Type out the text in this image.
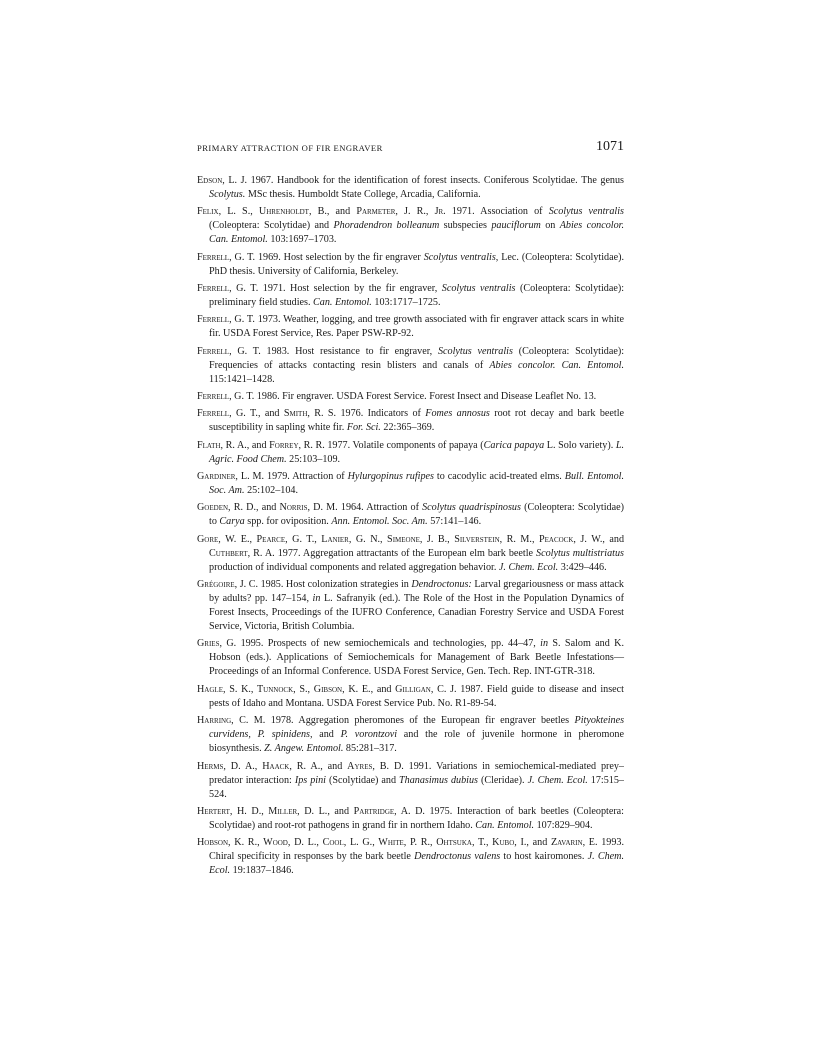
PRIMARY ATTRACTION OF FIR ENGRAVER	1071

Edson, L. J. 1967. Handbook for the identification of forest insects. Coniferous Scolytidae. The genus Scolytus. MSc thesis. Humboldt State College, Arcadia, California.

Felix, L. S., Uhrenholdt, B., and Parmeter, J. R., Jr. 1971. Association of Scolytus ventralis (Coleoptera: Scolytidae) and Phoradendron bolleanum subspecies pauciflorum on Abies concolor. Can. Entomol. 103:1697–1703.

Ferrell, G. T. 1969. Host selection by the fir engraver Scolytus ventralis, Lec. (Coleoptera: Scolytidae). PhD thesis. University of California, Berkeley.

Ferrell, G. T. 1971. Host selection by the fir engraver, Scolytus ventralis (Coleoptera: Scolytidae): preliminary field studies. Can. Entomol. 103:1717–1725.

Ferrell, G. T. 1973. Weather, logging, and tree growth associated with fir engraver attack scars in white fir. USDA Forest Service, Res. Paper PSW-RP-92.

Ferrell, G. T. 1983. Host resistance to fir engraver, Scolytus ventralis (Coleoptera: Scolytidae): Frequencies of attacks contacting resin blisters and canals of Abies concolor. Can. Entomol. 115:1421–1428.

Ferrell, G. T. 1986. Fir engraver. USDA Forest Service. Forest Insect and Disease Leaflet No. 13.

Ferrell, G. T., and Smith, R. S. 1976. Indicators of Fomes annosus root rot decay and bark beetle susceptibility in sapling white fir. For. Sci. 22:365–369.

Flath, R. A., and Forrey, R. R. 1977. Volatile components of papaya (Carica papaya L. Solo variety). L. Agric. Food Chem. 25:103–109.

Gardiner, L. M. 1979. Attraction of Hylurgopinus rufipes to cacodylic acid-treated elms. Bull. Entomol. Soc. Am. 25:102–104.

Goeden, R. D., and Norris, D. M. 1964. Attraction of Scolytus quadrispinosus (Coleoptera: Scolytidae) to Carya spp. for oviposition. Ann. Entomol. Soc. Am. 57:141–146.

Gore, W. E., Pearce, G. T., Lanier, G. N., Simeone, J. B., Silverstein, R. M., Peacock, J. W., and Cuthbert, R. A. 1977. Aggregation attractants of the European elm bark beetle Scolytus multistriatus production of individual components and related aggregation behavior. J. Chem. Ecol. 3:429–446.

Grégoire, J. C. 1985. Host colonization strategies in Dendroctonus: Larval gregariousness or mass attack by adults? pp. 147–154, in L. Safranyik (ed.). The Role of the Host in the Population Dynamics of Forest Insects, Proceedings of the IUFRO Conference, Canadian Forestry Service and USDA Forest Service, Victoria, British Columbia.

Gries, G. 1995. Prospects of new semiochemicals and technologies, pp. 44–47, in S. Salom and K. Hobson (eds.). Applications of Semiochemicals for Management of Bark Beetle Infestations—Proceedings of an Informal Conference. USDA Forest Service, Gen. Tech. Rep. INT-GTR-318.

Hagle, S. K., Tunnock, S., Gibson, K. E., and Gilligan, C. J. 1987. Field guide to disease and insect pests of Idaho and Montana. USDA Forest Service Pub. No. R1-89-54.

Harring, C. M. 1978. Aggregation pheromones of the European fir engraver beetles Pityokteines curvidens, P. spinidens, and P. vorontzovi and the role of juvenile hormone in pheromone biosynthesis. Z. Angew. Entomol. 85:281–317.

Herms, D. A., Haack, R. A., and Ayres, B. D. 1991. Variations in semiochemical-mediated prey–predator interaction: Ips pini (Scolytidae) and Thanasimus dubius (Cleridae). J. Chem. Ecol. 17:515–524.

Hertert, H. D., Miller, D. L., and Partridge, A. D. 1975. Interaction of bark beetles (Coleoptera: Scolytidae) and root-rot pathogens in grand fir in northern Idaho. Can. Entomol. 107:829–904.

Hobson, K. R., Wood, D. L., Cool, L. G., White, P. R., Ohtsuka, T., Kubo, I., and Zavarin, E. 1993. Chiral specificity in responses by the bark beetle Dendroctonus valens to host kairomones. J. Chem. Ecol. 19:1837–1846.
